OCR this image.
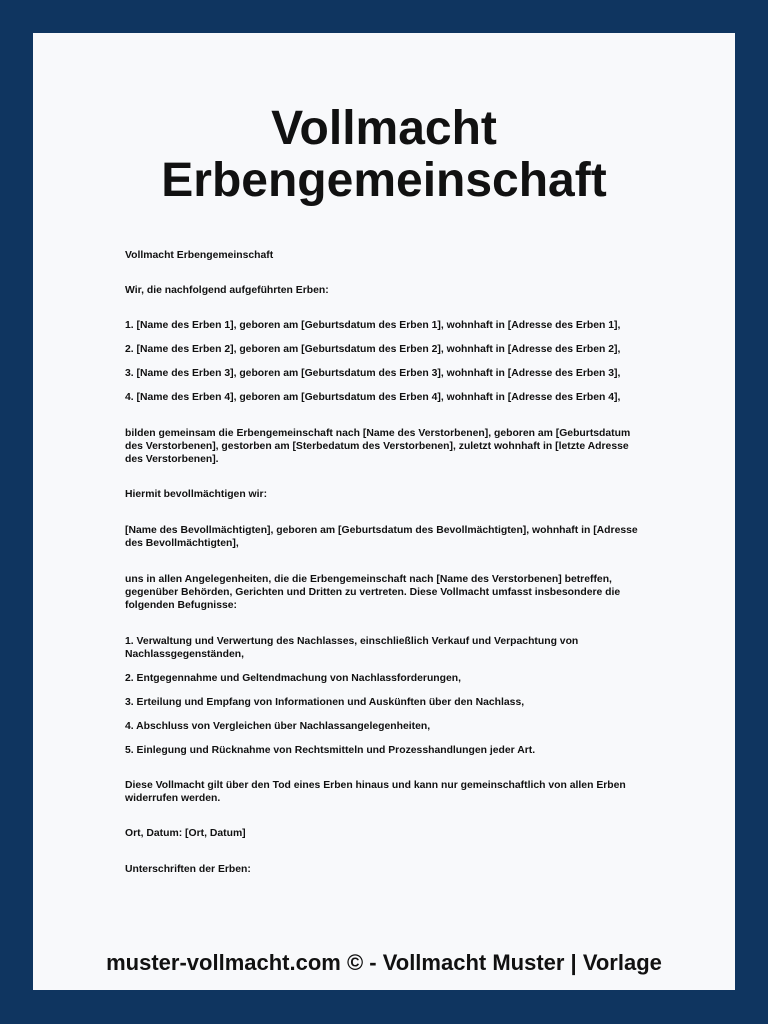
Vollmacht
Erbengemeinschaft

Vollmacht Erbengemeinschaft

Wir, die nachfolgend aufgeführten Erben:

1. [Name des Erben 1], geboren am [Geburtsdatum des Erben 1], wohnhaft in [Adresse des Erben 1],

2. [Name des Erben 2], geboren am [Geburtsdatum des Erben 2], wohnhaft in [Adresse des Erben 2],

3. [Name des Erben 3], geboren am [Geburtsdatum des Erben 3], wohnhaft in [Adresse des Erben 3],

4. [Name des Erben 4], geboren am [Geburtsdatum des Erben 4], wohnhaft in [Adresse des Erben 4],

bilden gemeinsam die Erbengemeinschaft nach [Name des Verstorbenen], geboren am [Geburtsdatum des Verstorbenen], gestorben am [Sterbedatum des Verstorbenen], zuletzt wohnhaft in [letzte Adresse des Verstorbenen].

Hiermit bevollmächtigen wir:

[Name des Bevollmächtigten], geboren am [Geburtsdatum des Bevollmächtigten], wohnhaft in [Adresse des Bevollmächtigten],

uns in allen Angelegenheiten, die die Erbengemeinschaft nach [Name des Verstorbenen] betreffen, gegenüber Behörden, Gerichten und Dritten zu vertreten. Diese Vollmacht umfasst insbesondere die folgenden Befugnisse:

1. Verwaltung und Verwertung des Nachlasses, einschließlich Verkauf und Verpachtung von Nachlassgegenständen,

2. Entgegennahme und Geltendmachung von Nachlassforderungen,

3. Erteilung und Empfang von Informationen und Auskünften über den Nachlass,

4. Abschluss von Vergleichen über Nachlassangelegenheiten,

5. Einlegung und Rücknahme von Rechtsmitteln und Prozesshandlungen jeder Art.

Diese Vollmacht gilt über den Tod eines Erben hinaus und kann nur gemeinschaftlich von allen Erben widerrufen werden.

Ort, Datum: [Ort, Datum]

Unterschriften der Erben:

muster-vollmacht.com © - Vollmacht Muster | Vorlage
